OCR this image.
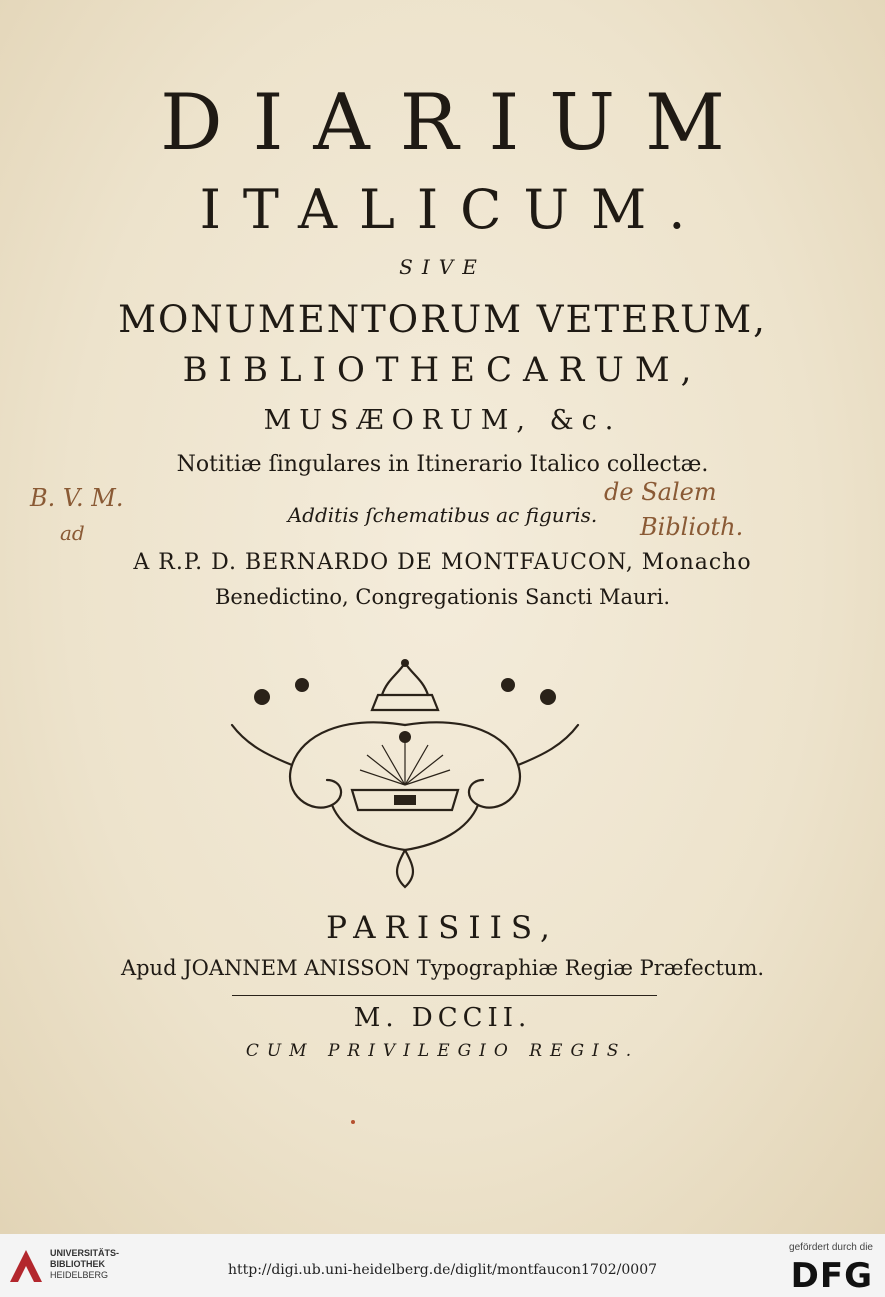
DIARIUM
ITALICUM.
SIVE
MONUMENTORUM VETERUM,
BIBLIOTHECARUM,
MUSÆORUM, &c.
Notitiæ ſingulares in Itinerario Italico collectæ.
Additis ſchematibus ac figuris.
A R.P. D. BERNARDO DE MONTFAUCON, Monacho
Benedictino, Congregationis Sancti Mauri.
B. V. M.
ad
de Salem
Biblioth.
PARISIIS,
Apud JOANNEM ANISSON Typographiæ Regiæ Præfectum.
M. DCCII.
CUM PRIVILEGIO REGIS.
UNIVERSITÄTS-
BIBLIOTHEK
HEIDELBERG
gefördert durch die
DFG
http://digi.ub.uni-heidelberg.de/diglit/montfaucon1702/0007
